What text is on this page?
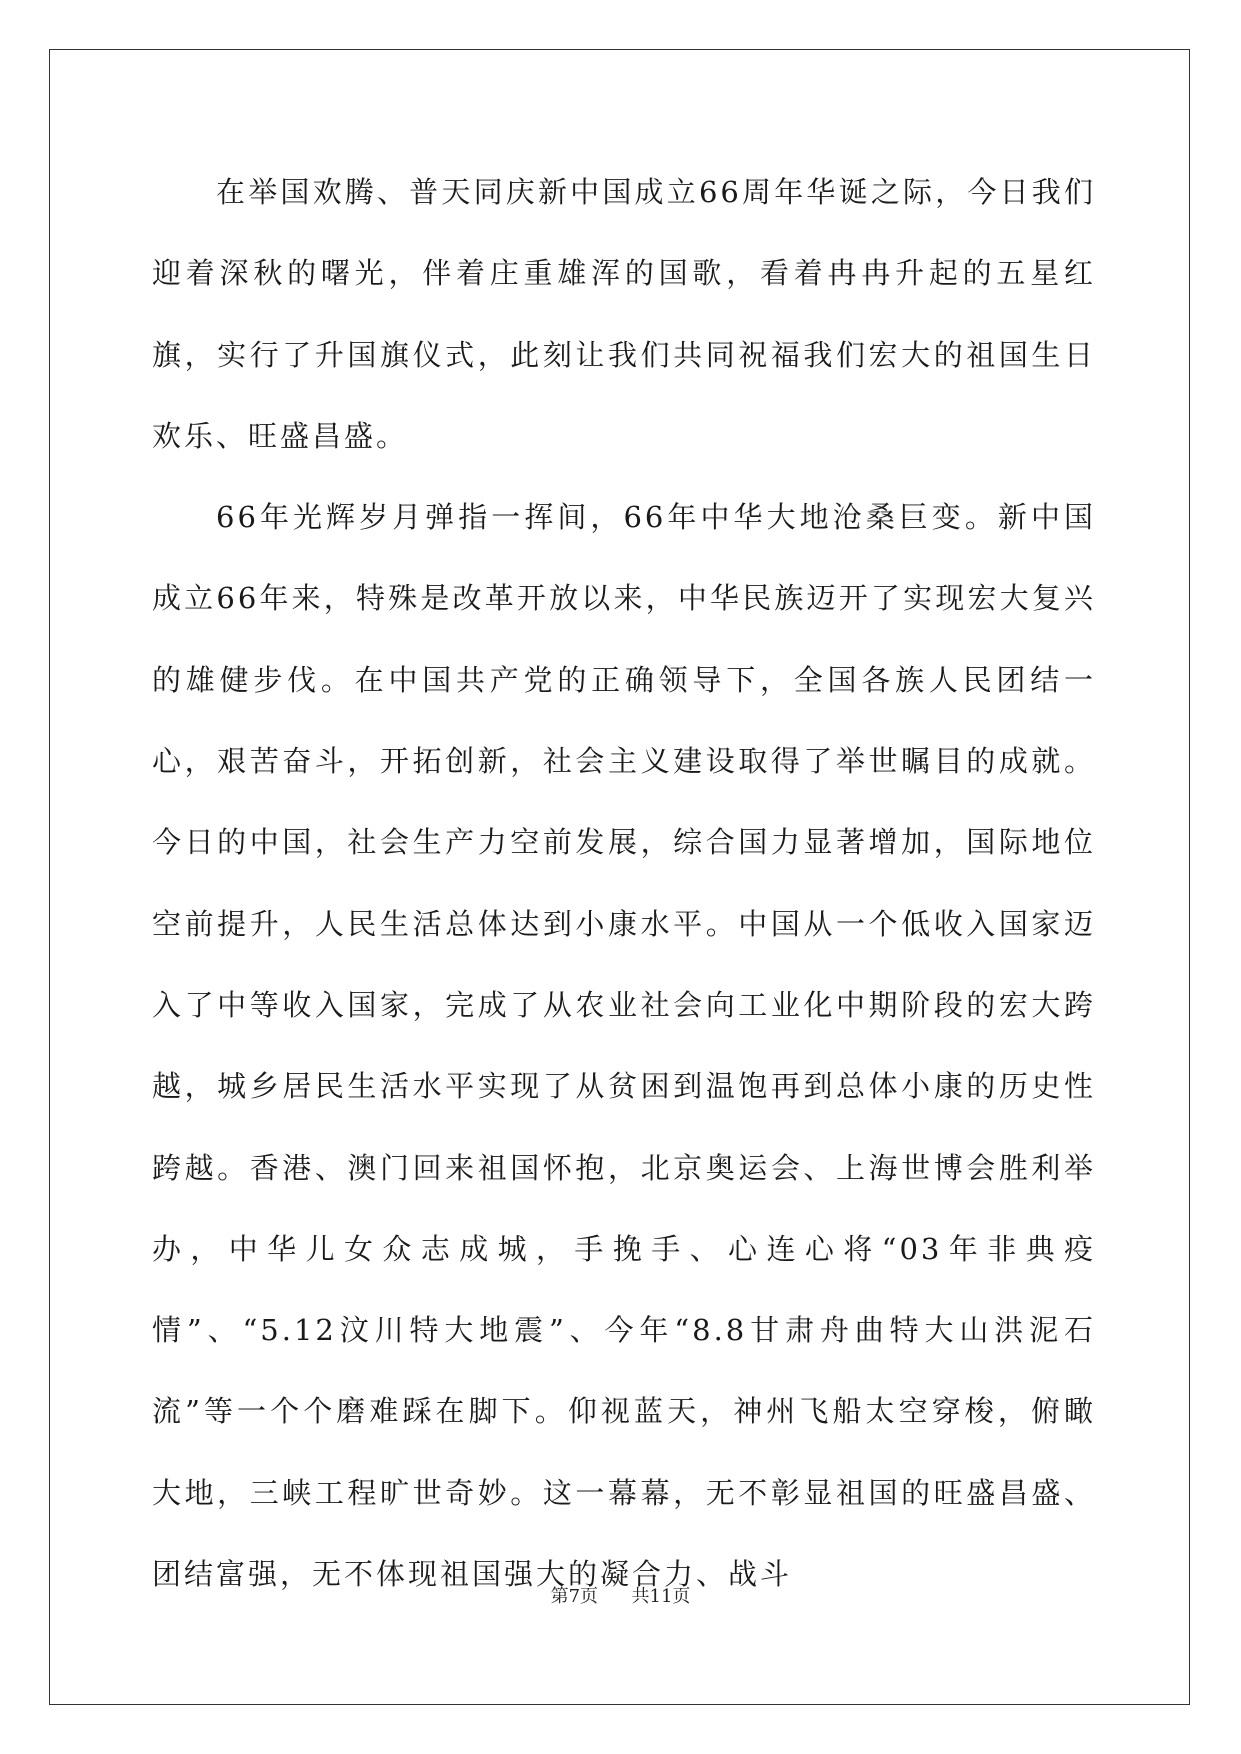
在举国欢腾、普天同庆新中国成立66周年华诞之际，今日我们迎着深秋的曙光，伴着庄重雄浑的国歌，看着冉冉升起的五星红旗，实行了升国旗仪式，此刻让我们共同祝福我们宏大的祖国生日欢乐、旺盛昌盛。

66年光辉岁月弹指一挥间，66年中华大地沧桑巨变。新中国成立66年来，特殊是改革开放以来，中华民族迈开了实现宏大复兴的雄健步伐。在中国共产党的正确领导下，全国各族人民团结一心，艰苦奋斗，开拓创新，社会主义建设取得了举世瞩目的成就。今日的中国，社会生产力空前发展，综合国力显著增加，国际地位空前提升，人民生活总体达到小康水平。中国从一个低收入国家迈入了中等收入国家，完成了从农业社会向工业化中期阶段的宏大跨越，城乡居民生活水平实现了从贫困到温饱再到总体小康的历史性跨越。香港、澳门回来祖国怀抱，北京奥运会、上海世博会胜利举办，中华儿女众志成城，手挽手、心连心将“03年非典疫情”、“5.12汶川特大地震”、今年“8.8甘肃舟曲特大山洪泥石流”等一个个磨难踩在脚下。仰视蓝天，神州飞船太空穿梭，俯瞰大地，三峡工程旷世奇妙。这一幕幕，无不彰显祖国的旺盛昌盛、团结富强，无不体现祖国强大的凝合力、战斗

第7页 共11页
